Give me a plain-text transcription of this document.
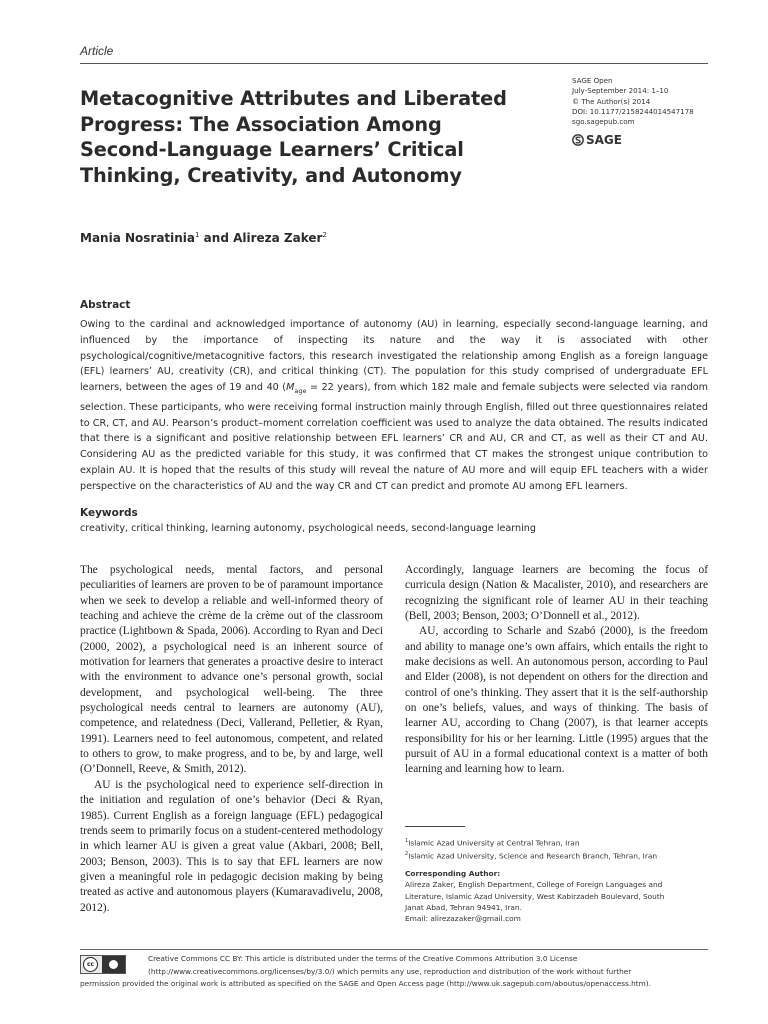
Article
Metacognitive Attributes and Liberated
Progress: The Association Among
Second-Language Learners’ Critical
Thinking, Creativity, and Autonomy
SAGE Open
July-September 2014: 1–10
© The Author(s) 2014
DOI: 10.1177/2158244014547178
sgo.sagepub.com
SAGE
Mania Nosratinia$^1$ and Alireza Zaker$^2$
Abstract

Owing to the cardinal and acknowledged importance of autonomy (AU) in learning, especially second-language learning, and influenced by the importance of inspecting its nature and the way it is associated with other psychological/cognitive/metacognitive factors, this research investigated the relationship among English as a foreign language (EFL) learners’ AU, creativity (CR), and critical thinking (CT). The population for this study comprised of undergraduate EFL learners, between the ages of 19 and 40 ($M_{age} = 22$ years), from which 182 male and female subjects were selected via random selection. These participants, who were receiving formal instruction mainly through English, filled out three questionnaires related to CR, CT, and AU. Pearson’s product–moment correlation coefficient was used to analyze the data obtained. The results indicated that there is a significant and positive relationship between EFL learners’ CR and AU, CR and CT, as well as their CT and AU. Considering AU as the predicted variable for this study, it was confirmed that CT makes the strongest unique contribution to explain AU. It is hoped that the results of this study will reveal the nature of AU more and will equip EFL teachers with a wider perspective on the characteristics of AU and the way CR and CT can predict and promote AU among EFL learners.

Keywords
creativity, critical thinking, learning autonomy, psychological needs, second-language learning

The psychological needs, mental factors, and personal peculiarities of learners are proven to be of paramount importance when we seek to develop a reliable and well-informed theory of teaching and achieve the crème de la crème out of the classroom practice (Lightbown & Spada, 2006). According to Ryan and Deci (2000, 2002), a psychological need is an inherent source of motivation for learners that generates a proactive desire to interact with the environment to advance one’s personal growth, social development, and psychological well-being. The three psychological needs central to learners are autonomy (AU), competence, and relatedness (Deci, Vallerand, Pelletier, & Ryan, 1991). Learners need to feel autonomous, competent, and related to others to grow, to make progress, and to be, by and large, well (O’Donnell, Reeve, & Smith, 2012).

AU is the psychological need to experience self-direction in the initiation and regulation of one’s behavior (Deci & Ryan, 1985). Current English as a foreign language (EFL) pedagogical trends seem to primarily focus on a student-centered methodology in which learner AU is given a great value (Akbari, 2008; Bell, 2003; Benson, 2003). This is to say that EFL learners are now given a meaningful role in pedagogic decision making by being treated as active and autonomous players (Kumaravadivelu, 2008, 2012).

Accordingly, language learners are becoming the focus of curricula design (Nation & Macalister, 2010), and researchers are recognizing the significant role of learner AU in their teaching (Bell, 2003; Benson, 2003; O’Donnell et al., 2012).

AU, according to Scharle and Szabó (2000), is the freedom and ability to manage one’s own affairs, which entails the right to make decisions as well. An autonomous person, according to Paul and Elder (2008), is not dependent on others for the direction and control of one’s thinking. They assert that it is the self-authorship on one’s beliefs, values, and ways of thinking. The basis of learner AU, according to Chang (2007), is that learner accepts responsibility for his or her learning. Little (1995) argues that the pursuit of AU in a formal educational context is a matter of both learning and learning how to learn.

$^1$Islamic Azad University at Central Tehran, Iran
$^2$Islamic Azad University, Science and Research Branch, Tehran, Iran
Corresponding Author:
Alireza Zaker, English Department, College of Foreign Languages and
Literature, Islamic Azad University, West Kabirzadeh Boulevard, South
Janat Abad, Tehran 94941, Iran.
Email: alirezazaker@gmail.com
cc
Creative Commons CC BY: This article is distributed under the terms of the Creative Commons Attribution 3.0 License
(http://www.creativecommons.org/licenses/by/3.0/) which permits any use, reproduction and distribution of the work without further
permission provided the original work is attributed as specified on the SAGE and Open Access page (http://www.uk.sagepub.com/aboutus/openaccess.htm).
